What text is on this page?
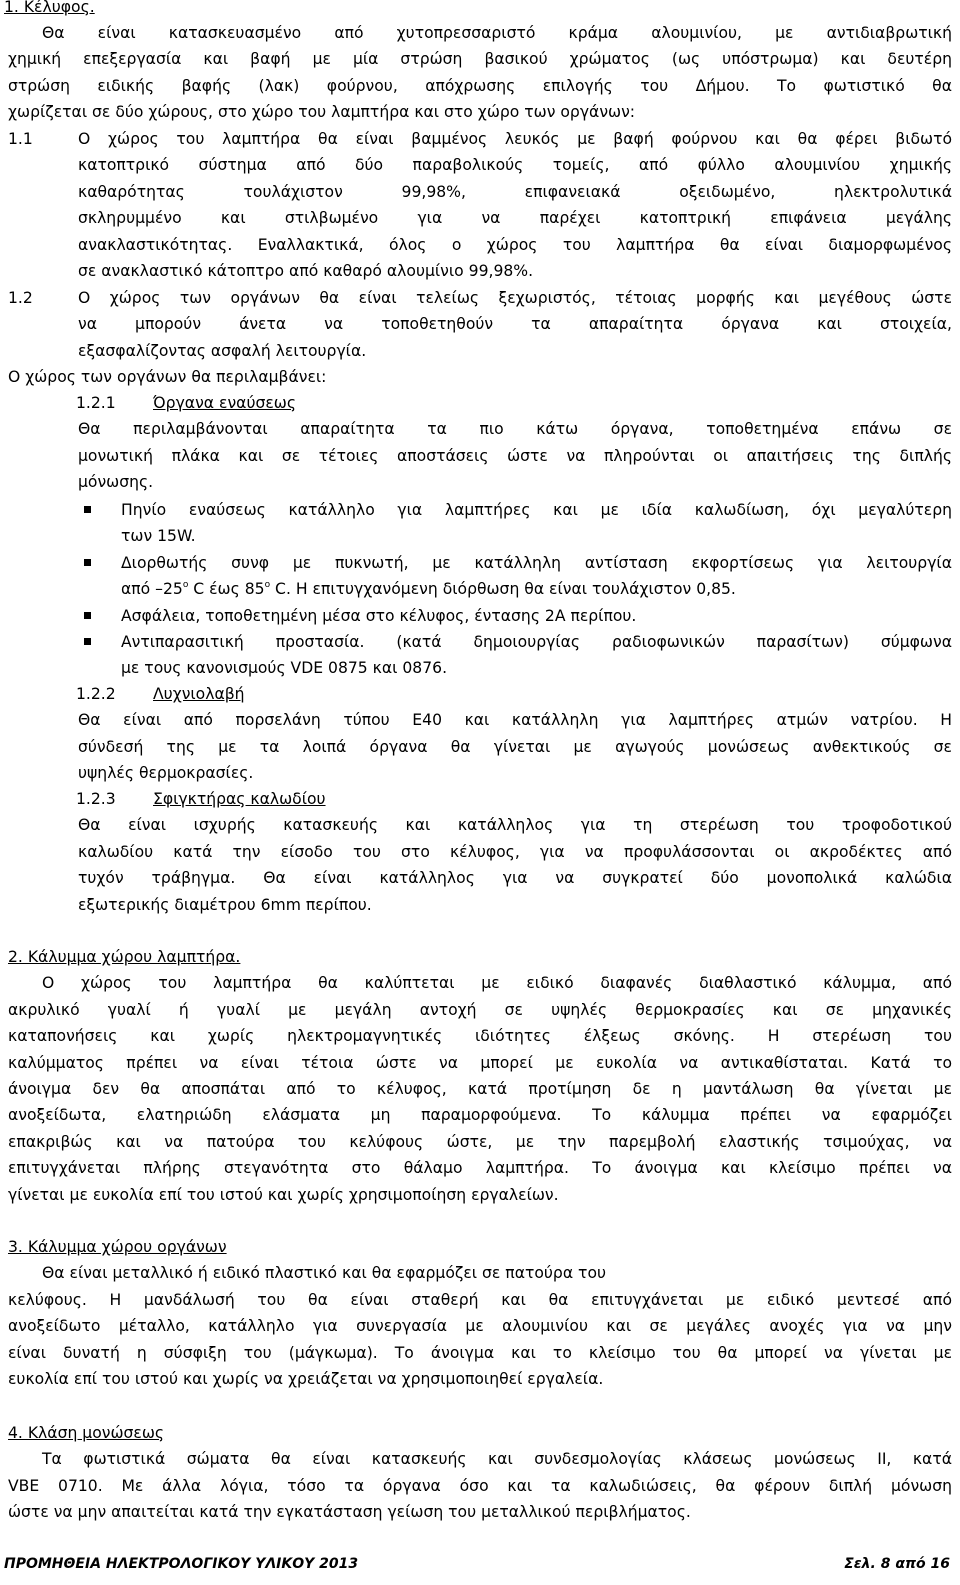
1. Κέλυφος.
Θα είναι κατασκευασμένο από χυτοπρεσσαριστό κράμα αλουμινίου, με αντιδιαβρωτική
χημική επεξεργασία και βαφή με μία στρώση βασικού χρώματος (ως υπόστρωμα) και δευτέρη
στρώση ειδικής βαφής (λακ) φούρνου, απόχρωσης επιλογής του Δήμου. Το φωτιστικό θα
χωρίζεται σε δύο χώρους, στο χώρο του λαμπτήρα και στο χώρο των οργάνων:
1.1	Ο χώρος του λαμπτήρα θα είναι βαμμένος λευκός με βαφή φούρνου και θα φέρει βιδωτό
κατοπτρικό σύστημα από δύο παραβολικούς τομείς, από φύλλο αλουμινίου χημικής
καθαρότητας τουλάχιστον 99,98%, επιφανειακά οξειδωμένο, ηλεκτρολυτικά
σκληρυμμένο και στιλβωμένο για να παρέχει κατοπτρική επιφάνεια μεγάλης
ανακλαστικότητας. Εναλλακτικά, όλος ο χώρος του λαμπτήρα θα είναι διαμορφωμένος
σε ανακλαστικό κάτοπτρο από καθαρό αλουμίνιο 99,98%.
1.2	Ο χώρος των οργάνων θα είναι τελείως ξεχωριστός, τέτοιας μορφής και μεγέθους ώστε
να μπορούν άνετα να τοποθετηθούν τα απαραίτητα όργανα και στοιχεία,
εξασφαλίζοντας ασφαλή λειτουργία.
Ο χώρος των οργάνων θα περιλαμβάνει:
1.2.1 Όργανα εναύσεως
Θα περιλαμβάνονται απαραίτητα τα πιο κάτω όργανα, τοποθετημένα επάνω σε
μονωτική πλάκα και σε τέτοιες αποστάσεις ώστε να πληρούνται οι απαιτήσεις της διπλής
μόνωσης.
Πηνίο εναύσεως κατάλληλο για λαμπτήρες και με ιδία καλωδίωση, όχι μεγαλύτερη
των 15W.
Διορθωτής συνφ με πυκνωτή, με κατάλληλη αντίσταση εκφορτίσεως για λειτουργία
από –25$^o$ C έως 85$^o$ C. Η επιτυγχανόμενη διόρθωση θα είναι τουλάχιστον 0,85.
Ασφάλεια, τοποθετημένη μέσα στο κέλυφος, έντασης 2Α περίπου.
Αντιπαρασιτική προστασία. (κατά δημοιουργίας ραδιοφωνικών παρασίτων) σύμφωνα
με τους κανονισμούς VDE 0875 και 0876.
1.2.2 Λυχνιολαβή
Θα είναι από πορσελάνη τύπου Ε40 και κατάλληλη για λαμπτήρες ατμών νατρίου. Η
σύνδεσή της με τα λοιπά όργανα θα γίνεται με αγωγούς μονώσεως ανθεκτικούς σε
υψηλές θερμοκρασίες.
1.2.3 Σφιγκτήρας καλωδίου
Θα είναι ισχυρής κατασκευής και κατάλληλος για τη στερέωση του τροφοδοτικού
καλωδίου κατά την είσοδο του στο κέλυφος, για να προφυλάσσονται οι ακροδέκτες από
τυχόν τράβηγμα. Θα είναι κατάλληλος για να συγκρατεί δύο μονοπολικά καλώδια
εξωτερικής διαμέτρου 6mm περίπου.
2. Κάλυμμα χώρου λαμπτήρα.
Ο χώρος του λαμπτήρα θα καλύπτεται με ειδικό διαφανές διαθλαστικό κάλυμμα, από
ακρυλικό γυαλί ή γυαλί με μεγάλη αντοχή σε υψηλές θερμοκρασίες και σε μηχανικές
καταπονήσεις και χωρίς ηλεκτρομαγνητικές ιδιότητες έλξεως σκόνης. Η στερέωση του
καλύμματος πρέπει να είναι τέτοια ώστε να μπορεί με ευκολία να αντικαθίσταται. Κατά το
άνοιγμα δεν θα αποσπάται από το κέλυφος, κατά προτίμηση δε η μαντάλωση θα γίνεται με
ανοξείδωτα, ελατηριώδη ελάσματα μη παραμορφούμενα. Το κάλυμμα πρέπει να εφαρμόζει
επακριβώς και να πατούρα του κελύφους ώστε, με την παρεμβολή ελαστικής τσιμούχας, να
επιτυγχάνεται πλήρης στεγανότητα στο θάλαμο λαμπτήρα. Το άνοιγμα και κλείσιμο πρέπει να
γίνεται με ευκολία επί του ιστού και χωρίς χρησιμοποίηση εργαλείων.
3. Κάλυμμα χώρου οργάνων
Θα είναι μεταλλικό ή ειδικό πλαστικό και θα εφαρμόζει σε πατούρα του
κελύφους. Η μανδάλωσή του θα είναι σταθερή και θα επιτυγχάνεται με ειδικό μεντεσέ από
ανοξείδωτο μέταλλο, κατάλληλο για συνεργασία με αλουμινίου και σε μεγάλες ανοχές για να μην
είναι δυνατή η σύσφιξη του (μάγκωμα). Το άνοιγμα και το κλείσιμο του θα μπορεί να γίνεται με
ευκολία επί του ιστού και χωρίς να χρειάζεται να χρησιμοποιηθεί εργαλεία.
4. Κλάση μονώσεως
Τα φωτιστικά σώματα θα είναι κατασκευής και συνδεσμολογίας κλάσεως μονώσεως ΙΙ, κατά
VBE 0710. Με άλλα λόγια, τόσο τα όργανα όσο και τα καλωδιώσεις, θα φέρουν διπλή μόνωση
ώστε να μην απαιτείται κατά την εγκατάσταση γείωση του μεταλλικού περιβλήματος.
ΠΡΟΜΗΘΕΙΑ ΗΛΕΚΤΡΟΛΟΓΙΚΟΥ ΥΛΙΚΟΥ 2013	Σελ. 8 από 16
